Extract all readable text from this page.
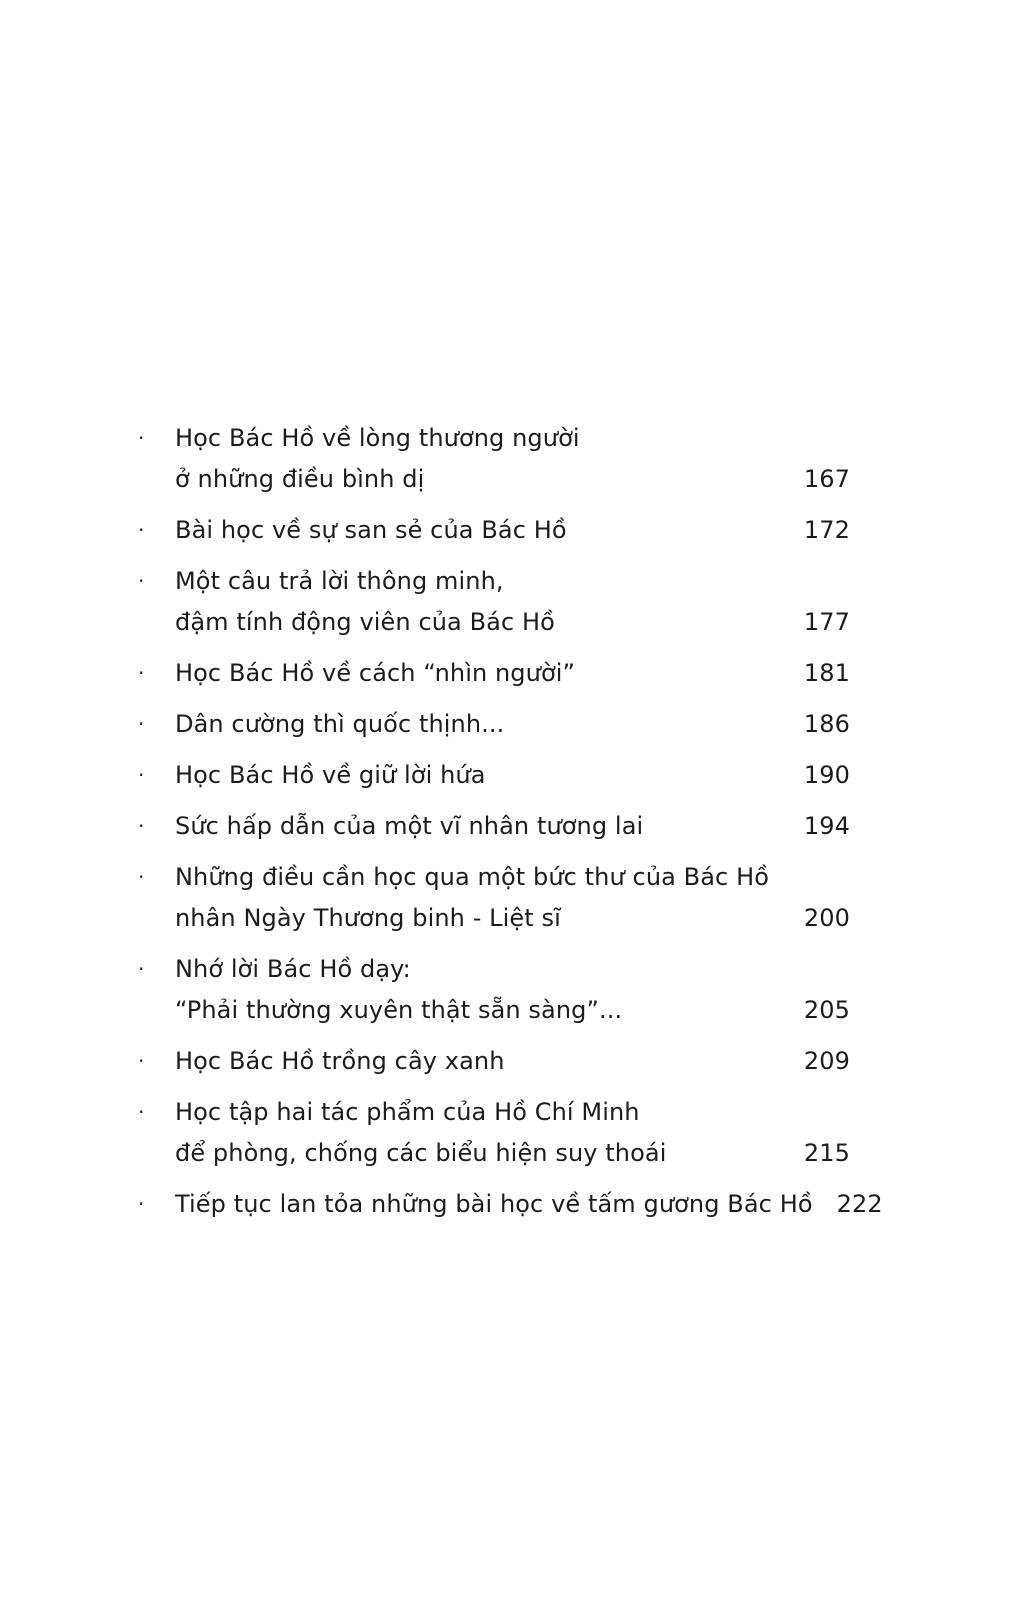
·	Học Bác Hồ về lòng thương người
ở những điều bình dị	167
·	Bài học về sự san sẻ của Bác Hồ	172
·	Một câu trả lời thông minh,
đậm tính động viên của Bác Hồ	177
·	Học Bác Hồ về cách “nhìn người”	181
·	Dân cường thì quốc thịnh...	186
·	Học Bác Hồ về giữ lời hứa	190
·	Sức hấp dẫn của một vĩ nhân tương lai	194
·	Những điều cần học qua một bức thư của Bác Hồ
nhân Ngày Thương binh - Liệt sĩ	200
·	Nhớ lời Bác Hồ dạy:
“Phải thường xuyên thật sẵn sàng”...	205
·	Học Bác Hồ trồng cây xanh	209
·	Học tập hai tác phẩm của Hồ Chí Minh
để phòng, chống các biểu hiện suy thoái	215
·	Tiếp tục lan tỏa những bài học về tấm gương Bác Hồ 222
